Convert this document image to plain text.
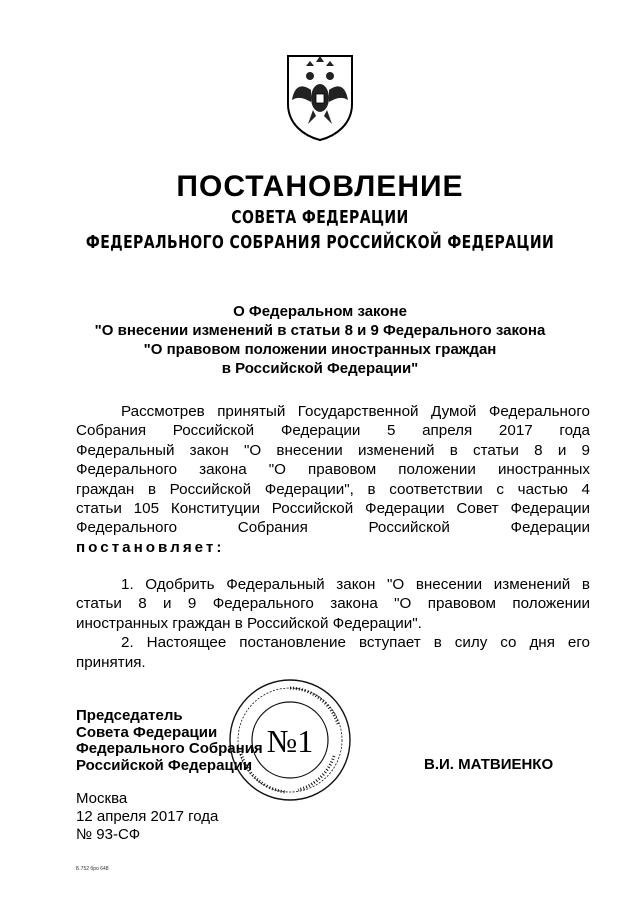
ПОСТАНОВЛЕНИЕ
СОВЕТА ФЕДЕРАЦИИ
ФЕДЕРАЛЬНОГО СОБРАНИЯ РОССИЙСКОЙ ФЕДЕРАЦИИ
О Федеральном законе
"О внесении изменений в статьи 8 и 9 Федерального закона
"О правовом положении иностранных граждан
в Российской Федерации"
Рассмотрев принятый Государственной Думой Федерального
Собрания Российской Федерации 5 апреля 2017 года
Федеральный закон "О внесении изменений в статьи 8 и 9
Федерального закона "О правовом положении иностранных
граждан в Российской Федерации", в соответствии с частью 4
статьи 105 Конституции Российской Федерации Совет Федерации
Федерального Собрания Российской Федерации
постановляет:
1. Одобрить Федеральный закон "О внесении изменений в
статьи 8 и 9 Федерального закона "О правовом положении
иностранных граждан в Российской Федерации".
2. Настоящее постановление вступает в силу со дня его
принятия.
Председатель
Совета Федерации
Федерального Собрания
Российской Федерации
№1
В.И. МАТВИЕНКО
Москва
12 апреля 2017 года
№ 93-СФ
Б.752 бро 648
